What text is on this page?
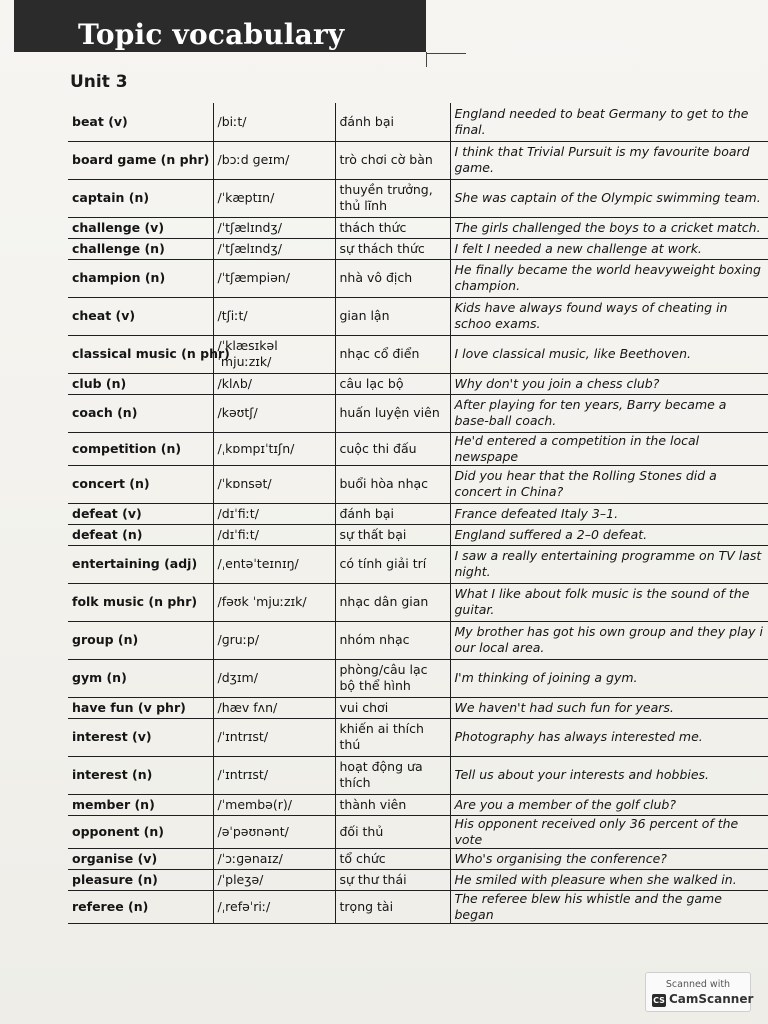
Topic vocabulary
Unit 3
beat (v)	/biːt/	đánh bại	England needed to beat Germany to get to the final.
board game (n phr)	/bɔːd ɡeɪm/	trò chơi cờ bàn	I think that Trivial Pursuit is my favourite board game.
captain (n)	/ˈkæptɪn/	thuyền trưởng, thủ lĩnh	She was captain of the Olympic swimming team.
challenge (v)	/ˈtʃælɪndʒ/	thách thức	The girls challenged the boys to a cricket match.
challenge (n)	/ˈtʃælɪndʒ/	sự thách thức	I felt I needed a new challenge at work.
champion (n)	/ˈtʃæmpiən/	nhà vô địch	He finally became the world heavyweight boxing champion.
cheat (v)	/tʃiːt/	gian lận	Kids have always found ways of cheating in schoo exams.
classical music (n phr)	/ˈklæsɪkəl ˈmjuːzɪk/	nhạc cổ điển	I love classical music, like Beethoven.
club (n)	/klʌb/	câu lạc bộ	Why don't you join a chess club?
coach (n)	/kəʊtʃ/	huấn luyện viên	After playing for ten years, Barry became a base-ball coach.
competition (n)	/ˌkɒmpɪˈtɪʃn/	cuộc thi đấu	He'd entered a competition in the local newspape
concert (n)	/ˈkɒnsət/	buổi hòa nhạc	Did you hear that the Rolling Stones did a concert in China?
defeat (v)	/dɪˈfiːt/	đánh bại	France defeated Italy 3–1.
defeat (n)	/dɪˈfiːt/	sự thất bại	England suffered a 2–0 defeat.
entertaining (adj)	/ˌentəˈteɪnɪŋ/	có tính giải trí	I saw a really entertaining programme on TV last night.
folk music (n phr)	/fəʊk ˈmjuːzɪk/	nhạc dân gian	What I like about folk music is the sound of the guitar.
group (n)	/ɡruːp/	nhóm nhạc	My brother has got his own group and they play i our local area.
gym (n)	/dʒɪm/	phòng/câu lạc bộ thể hình	I'm thinking of joining a gym.
have fun (v phr)	/hæv fʌn/	vui chơi	We haven't had such fun for years.
interest (v)	/ˈɪntrɪst/	khiến ai thích thú	Photography has always interested me.
interest (n)	/ˈɪntrɪst/	hoạt động ưa thích	Tell us about your interests and hobbies.
member (n)	/ˈmembə(r)/	thành viên	Are you a member of the golf club?
opponent (n)	/əˈpəʊnənt/	đối thủ	His opponent received only 36 percent of the vote
organise (v)	/ˈɔːɡənaɪz/	tổ chức	Who's organising the conference?
pleasure (n)	/ˈpleʒə/	sự thư thái	He smiled with pleasure when she walked in.
referee (n)	/ˌrefəˈriː/	trọng tài	The referee blew his whistle and the game began
Scanned with
CS CamScanner
